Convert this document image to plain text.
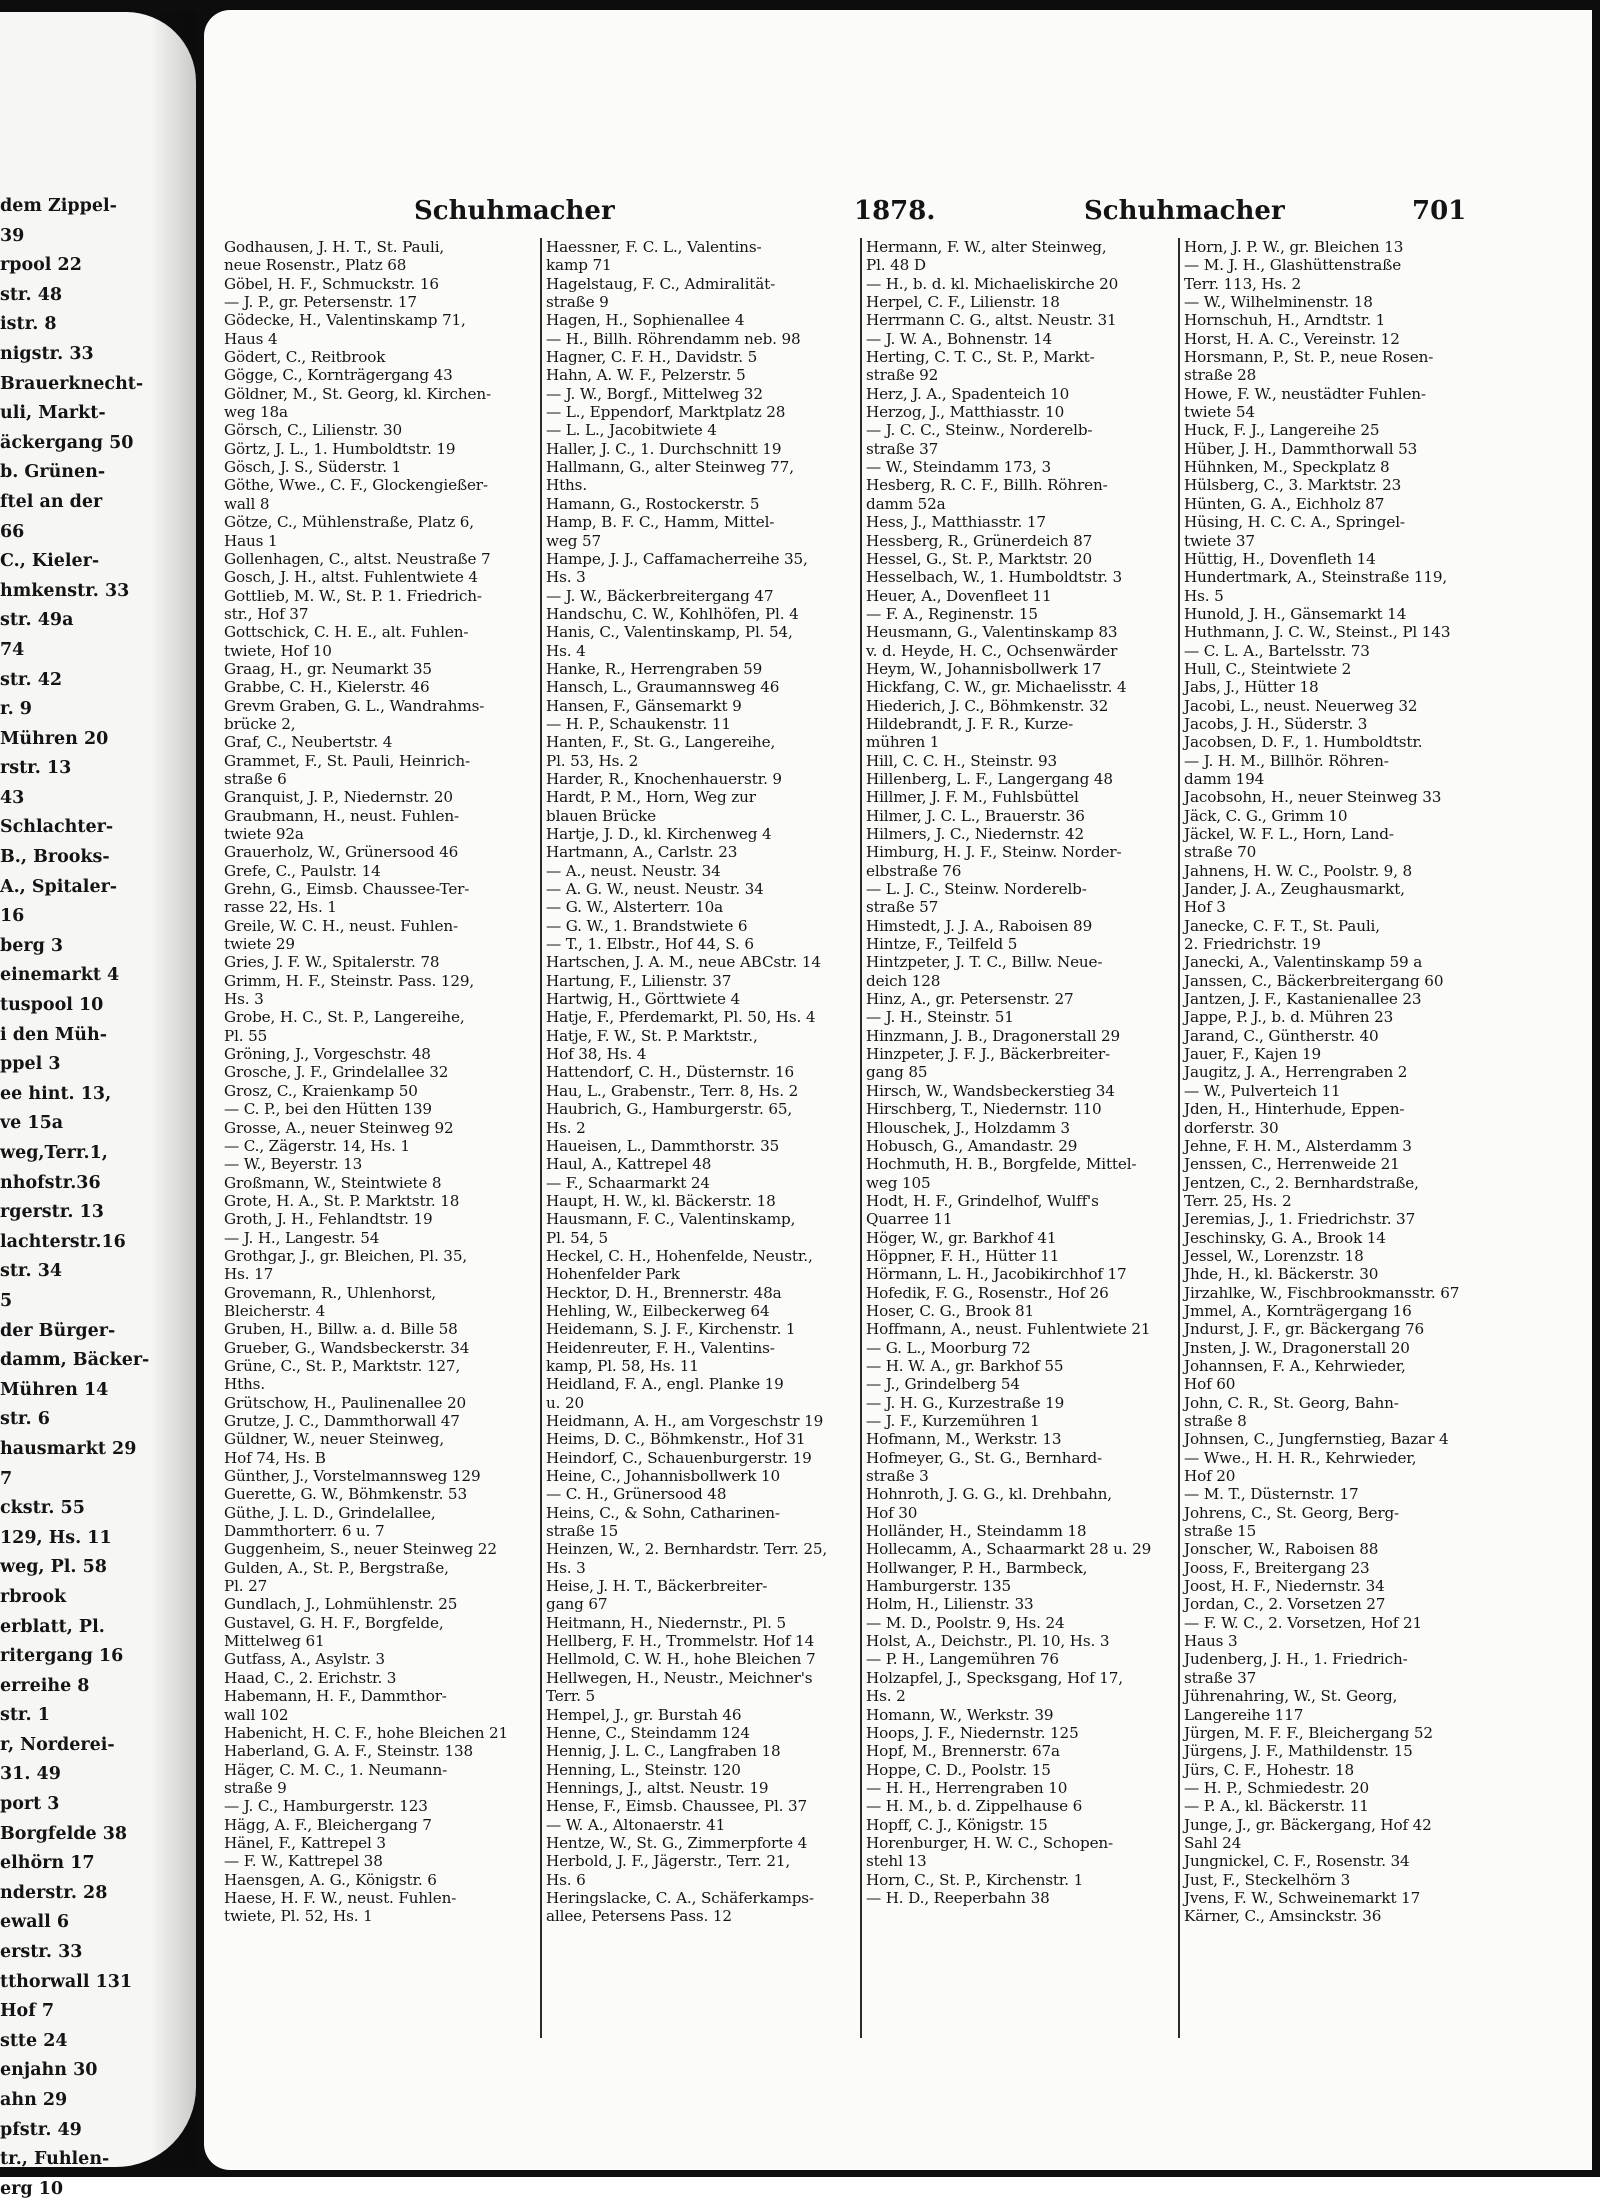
dem Zippel-
39
rpool 22
str. 48
istr. 8
nigstr. 33
Brauerknecht-
uli, Markt-
äckergang 50
b. Grünen-
ftel an der
66
C., Kieler-
hmkenstr. 33
str. 49a
74
str. 42
r. 9
Mühren 20
rstr. 13
43
Schlachter-
B., Brooks-
A., Spitaler-
16
berg 3
einemarkt 4
tuspool 10
i den Müh-
ppel 3
ee hint. 13,
ve 15a
weg,Terr.1,
nhofstr.36
rgerstr. 13
lachterstr.16
str. 34
5
der Bürger-
damm, Bäcker-
Mühren 14
str. 6
hausmarkt 29
7
ckstr. 55
129, Hs. 11
weg, Pl. 58
rbrook
erblatt, Pl.
ritergang 16
erreihe 8
str. 1
r, Norderei-
31. 49
port 3
Borgfelde 38
elhörn 17
nderstr. 28
ewall 6
erstr. 33
tthorwall 131
Hof 7
stte 24
enjahn 30
ahn 29
pfstr. 49
tr., Fuhlen-
erg 10
Schuhmacher	1878.	Schuhmacher	701
Godhausen, J. H. T., St. Pauli,
neue Rosenstr., Platz 68
Göbel, H. F., Schmuckstr. 16
— J. P., gr. Petersenstr. 17
Gödecke, H., Valentinskamp 71,
Haus 4
Gödert, C., Reitbrook
Gögge, C., Kornträgergang 43
Göldner, M., St. Georg, kl. Kirchen-
weg 18a
Görsch, C., Lilienstr. 30
Görtz, J. L., 1. Humboldtstr. 19
Gösch, J. S., Süderstr. 1
Göthe, Wwe., C. F., Glockengießer-
wall 8
Götze, C., Mühlenstraße, Platz 6,
Haus 1
Gollenhagen, C., altst. Neustraße 7
Gosch, J. H., altst. Fuhlentwiete 4
Gottlieb, M. W., St. P. 1. Friedrich-
str., Hof 37
Gottschick, C. H. E., alt. Fuhlen-
twiete, Hof 10
Graag, H., gr. Neumarkt 35
Grabbe, C. H., Kielerstr. 46
Grevm Graben, G. L., Wandrahms-
brücke 2,
Graf, C., Neubertstr. 4
Grammet, F., St. Pauli, Heinrich-
straße 6
Granquist, J. P., Niedernstr. 20
Graubmann, H., neust. Fuhlen-
twiete 92a
Grauerholz, W., Grünersood 46
Grefe, C., Paulstr. 14
Grehn, G., Eimsb. Chaussee-Ter-
rasse 22, Hs. 1
Greile, W. C. H., neust. Fuhlen-
twiete 29
Gries, J. F. W., Spitalerstr. 78
Grimm, H. F., Steinstr. Pass. 129,
Hs. 3
Grobe, H. C., St. P., Langereihe,
Pl. 55
Gröning, J., Vorgeschstr. 48
Grosche, J. F., Grindelallee 32
Grosz, C., Kraienkamp 50
— C. P., bei den Hütten 139
Grosse, A., neuer Steinweg 92
— C., Zägerstr. 14, Hs. 1
— W., Beyerstr. 13
Großmann, W., Steintwiete 8
Grote, H. A., St. P. Marktstr. 18
Groth, J. H., Fehlandtstr. 19
— J. H., Langestr. 54
Grothgar, J., gr. Bleichen, Pl. 35,
Hs. 17
Grovemann, R., Uhlenhorst,
Bleicherstr. 4
Gruben, H., Billw. a. d. Bille 58
Grueber, G., Wandsbeckerstr. 34
Grüne, C., St. P., Marktstr. 127,
Hths.
Grütschow, H., Paulinenallee 20
Grutze, J. C., Dammthorwall 47
Güldner, W., neuer Steinweg,
Hof 74, Hs. B
Günther, J., Vorstelmannsweg 129
Guerette, G. W., Böhmkenstr. 53
Güthe, J. L. D., Grindelallee,
Dammthorterr. 6 u. 7
Guggenheim, S., neuer Steinweg 22
Gulden, A., St. P., Bergstraße,
Pl. 27
Gundlach, J., Lohmühlenstr. 25
Gustavel, G. H. F., Borgfelde,
Mittelweg 61
Gutfass, A., Asylstr. 3
Haad, C., 2. Erichstr. 3
Habemann, H. F., Dammthor-
wall 102
Habenicht, H. C. F., hohe Bleichen 21
Haberland, G. A. F., Steinstr. 138
Häger, C. M. C., 1. Neumann-
straße 9
— J. C., Hamburgerstr. 123
Hägg, A. F., Bleichergang 7
Hänel, F., Kattrepel 3
— F. W., Kattrepel 38
Haensgen, A. G., Königstr. 6
Haese, H. F. W., neust. Fuhlen-
twiete, Pl. 52, Hs. 1
Haessner, F. C. L., Valentins-
kamp 71
Hagelstaug, F. C., Admiralität-
straße 9
Hagen, H., Sophienallee 4
— H., Billh. Röhrendamm neb. 98
Hagner, C. F. H., Davidstr. 5
Hahn, A. W. F., Pelzerstr. 5
— J. W., Borgf., Mittelweg 32
— L., Eppendorf, Marktplatz 28
— L. L., Jacobitwiete 4
Haller, J. C., 1. Durchschnitt 19
Hallmann, G., alter Steinweg 77,
Hths.
Hamann, G., Rostockerstr. 5
Hamp, B. F. C., Hamm, Mittel-
weg 57
Hampe, J. J., Caffamacherreihe 35,
Hs. 3
— J. W., Bäckerbreitergang 47
Handschu, C. W., Kohlhöfen, Pl. 4
Hanis, C., Valentinskamp, Pl. 54,
Hs. 4
Hanke, R., Herrengraben 59
Hansch, L., Graumannsweg 46
Hansen, F., Gänsemarkt 9
— H. P., Schaukenstr. 11
Hanten, F., St. G., Langereihe,
Pl. 53, Hs. 2
Harder, R., Knochenhauerstr. 9
Hardt, P. M., Horn, Weg zur
blauen Brücke
Hartje, J. D., kl. Kirchenweg 4
Hartmann, A., Carlstr. 23
— A., neust. Neustr. 34
— A. G. W., neust. Neustr. 34
— G. W., Alsterterr. 10a
— G. W., 1. Brandstwiete 6
— T., 1. Elbstr., Hof 44, S. 6
Hartschen, J. A. M., neue ABCstr. 14
Hartung, F., Lilienstr. 37
Hartwig, H., Görttwiete 4
Hatje, F., Pferdemarkt, Pl. 50, Hs. 4
Hatje, F. W., St. P. Marktstr.,
Hof 38, Hs. 4
Hattendorf, C. H., Düsternstr. 16
Hau, L., Grabenstr., Terr. 8, Hs. 2
Haubrich, G., Hamburgerstr. 65,
Hs. 2
Haueisen, L., Dammthorstr. 35
Haul, A., Kattrepel 48
— F., Schaarmarkt 24
Haupt, H. W., kl. Bäckerstr. 18
Hausmann, F. C., Valentinskamp,
Pl. 54, 5
Heckel, C. H., Hohenfelde, Neustr.,
Hohenfelder Park
Hecktor, D. H., Brennerstr. 48a
Hehling, W., Eilbeckerweg 64
Heidemann, S. J. F., Kirchenstr. 1
Heidenreuter, F. H., Valentins-
kamp, Pl. 58, Hs. 11
Heidland, F. A., engl. Planke 19
u. 20
Heidmann, A. H., am Vorgeschstr 19
Heims, D. C., Böhmkenstr., Hof 31
Heindorf, C., Schauenburgerstr. 19
Heine, C., Johannisbollwerk 10
— C. H., Grünersood 48
Heins, C., & Sohn, Catharinen-
straße 15
Heinzen, W., 2. Bernhardstr. Terr. 25,
Hs. 3
Heise, J. H. T., Bäckerbreiter-
gang 67
Heitmann, H., Niedernstr., Pl. 5
Hellberg, F. H., Trommelstr. Hof 14
Hellmold, C. W. H., hohe Bleichen 7
Hellwegen, H., Neustr., Meichner's
Terr. 5
Hempel, J., gr. Burstah 46
Henne, C., Steindamm 124
Hennig, J. L. C., Langfraben 18
Henning, L., Steinstr. 120
Hennings, J., altst. Neustr. 19
Hense, F., Eimsb. Chaussee, Pl. 37
— W. A., Altonaerstr. 41
Hentze, W., St. G., Zimmerpforte 4
Herbold, J. F., Jägerstr., Terr. 21,
Hs. 6
Heringslacke, C. A., Schäferkamps-
allee, Petersens Pass. 12
Hermann, F. W., alter Steinweg,
Pl. 48 D
— H., b. d. kl. Michaeliskirche 20
Herpel, C. F., Lilienstr. 18
Herrmann C. G., altst. Neustr. 31
— J. W. A., Bohnenstr. 14
Herting, C. T. C., St. P., Markt-
straße 92
Herz, J. A., Spadenteich 10
Herzog, J., Matthiasstr. 10
— J. C. C., Steinw., Norderelb-
straße 37
— W., Steindamm 173, 3
Hesberg, R. C. F., Billh. Röhren-
damm 52a
Hess, J., Matthiasstr. 17
Hessberg, R., Grünerdeich 87
Hessel, G., St. P., Marktstr. 20
Hesselbach, W., 1. Humboldtstr. 3
Heuer, A., Dovenfleet 11
— F. A., Reginenstr. 15
Heusmann, G., Valentinskamp 83
v. d. Heyde, H. C., Ochsenwärder
Heym, W., Johannisbollwerk 17
Hickfang, C. W., gr. Michaelisstr. 4
Hiederich, J. C., Böhmkenstr. 32
Hildebrandt, J. F. R., Kurze-
mühren 1
Hill, C. C. H., Steinstr. 93
Hillenberg, L. F., Langergang 48
Hillmer, J. F. M., Fuhlsbüttel
Hilmer, J. C. L., Brauerstr. 36
Hilmers, J. C., Niedernstr. 42
Himburg, H. J. F., Steinw. Norder-
elbstraße 76
— L. J. C., Steinw. Norderelb-
straße 57
Himstedt, J. J. A., Raboisen 89
Hintze, F., Teilfeld 5
Hintzpeter, J. T. C., Billw. Neue-
deich 128
Hinz, A., gr. Petersenstr. 27
— J. H., Steinstr. 51
Hinzmann, J. B., Dragonerstall 29
Hinzpeter, J. F. J., Bäckerbreiter-
gang 85
Hirsch, W., Wandsbeckerstieg 34
Hirschberg, T., Niedernstr. 110
Hlouschek, J., Holzdamm 3
Hobusch, G., Amandastr. 29
Hochmuth, H. B., Borgfelde, Mittel-
weg 105
Hodt, H. F., Grindelhof, Wulff's
Quarree 11
Höger, W., gr. Barkhof 41
Höppner, F. H., Hütter 11
Hörmann, L. H., Jacobikirchhof 17
Hofedik, F. G., Rosenstr., Hof 26
Hoser, C. G., Brook 81
Hoffmann, A., neust. Fuhlentwiete 21
— G. L., Moorburg 72
— H. W. A., gr. Barkhof 55
— J., Grindelberg 54
— J. H. G., Kurzestraße 19
— J. F., Kurzemühren 1
Hofmann, M., Werkstr. 13
Hofmeyer, G., St. G., Bernhard-
straße 3
Hohnroth, J. G. G., kl. Drehbahn,
Hof 30
Holländer, H., Steindamm 18
Hollecamm, A., Schaarmarkt 28 u. 29
Hollwanger, P. H., Barmbeck,
Hamburgerstr. 135
Holm, H., Lilienstr. 33
— M. D., Poolstr. 9, Hs. 24
Holst, A., Deichstr., Pl. 10, Hs. 3
— P. H., Langemühren 76
Holzapfel, J., Specksgang, Hof 17,
Hs. 2
Homann, W., Werkstr. 39
Hoops, J. F., Niedernstr. 125
Hopf, M., Brennerstr. 67a
Hoppe, C. D., Poolstr. 15
— H. H., Herrengraben 10
— H. M., b. d. Zippelhause 6
Hopff, C. J., Königstr. 15
Horenburger, H. W. C., Schopen-
stehl 13
Horn, C., St. P., Kirchenstr. 1
— H. D., Reeperbahn 38
Horn, J. P. W., gr. Bleichen 13
— M. J. H., Glashüttenstraße
Terr. 113, Hs. 2
— W., Wilhelminenstr. 18
Hornschuh, H., Arndtstr. 1
Horst, H. A. C., Vereinstr. 12
Horsmann, P., St. P., neue Rosen-
straße 28
Howe, F. W., neustädter Fuhlen-
twiete 54
Huck, F. J., Langereihe 25
Hüber, J. H., Dammthorwall 53
Hühnken, M., Speckplatz 8
Hülsberg, C., 3. Marktstr. 23
Hünten, G. A., Eichholz 87
Hüsing, H. C. C. A., Springel-
twiete 37
Hüttig, H., Dovenfleth 14
Hundertmark, A., Steinstraße 119,
Hs. 5
Hunold, J. H., Gänsemarkt 14
Huthmann, J. C. W., Steinst., Pl 143
— C. L. A., Bartelsstr. 73
Hull, C., Steintwiete 2
Jabs, J., Hütter 18
Jacobi, L., neust. Neuerweg 32
Jacobs, J. H., Süderstr. 3
Jacobsen, D. F., 1. Humboldtstr.
— J. H. M., Billhör. Röhren-
damm 194
Jacobsohn, H., neuer Steinweg 33
Jäck, C. G., Grimm 10
Jäckel, W. F. L., Horn, Land-
straße 70
Jahnens, H. W. C., Poolstr. 9, 8
Jander, J. A., Zeughausmarkt,
Hof 3
Janecke, C. F. T., St. Pauli,
2. Friedrichstr. 19
Janecki, A., Valentinskamp 59 a
Janssen, C., Bäckerbreitergang 60
Jantzen, J. F., Kastanienallee 23
Jappe, P. J., b. d. Mühren 23
Jarand, C., Güntherstr. 40
Jauer, F., Kajen 19
Jaugitz, J. A., Herrengraben 2
— W., Pulverteich 11
Jden, H., Hinterhude, Eppen-
dorferstr. 30
Jehne, F. H. M., Alsterdamm 3
Jenssen, C., Herrenweide 21
Jentzen, C., 2. Bernhardstraße,
Terr. 25, Hs. 2
Jeremias, J., 1. Friedrichstr. 37
Jeschinsky, G. A., Brook 14
Jessel, W., Lorenzstr. 18
Jhde, H., kl. Bäckerstr. 30
Jirzahlke, W., Fischbrookmansstr. 67
Jmmel, A., Kornträgergang 16
Jndurst, J. F., gr. Bäckergang 76
Jnsten, J. W., Dragonerstall 20
Johannsen, F. A., Kehrwieder,
Hof 60
John, C. R., St. Georg, Bahn-
straße 8
Johnsen, C., Jungfernstieg, Bazar 4
— Wwe., H. H. R., Kehrwieder,
Hof 20
— M. T., Düsternstr. 17
Johrens, C., St. Georg, Berg-
straße 15
Jonscher, W., Raboisen 88
Jooss, F., Breitergang 23
Joost, H. F., Niedernstr. 34
Jordan, C., 2. Vorsetzen 27
— F. W. C., 2. Vorsetzen, Hof 21
Haus 3
Judenberg, J. H., 1. Friedrich-
straße 37
Jührenahring, W., St. Georg,
Langereihe 117
Jürgen, M. F. F., Bleichergang 52
Jürgens, J. F., Mathildenstr. 15
Jürs, C. F., Hohestr. 18
— H. P., Schmiedestr. 20
— P. A., kl. Bäckerstr. 11
Junge, J., gr. Bäckergang, Hof 42
Sahl 24
Jungnickel, C. F., Rosenstr. 34
Just, F., Steckelhörn 3
Jvens, F. W., Schweinemarkt 17
Kärner, C., Amsinckstr. 36
